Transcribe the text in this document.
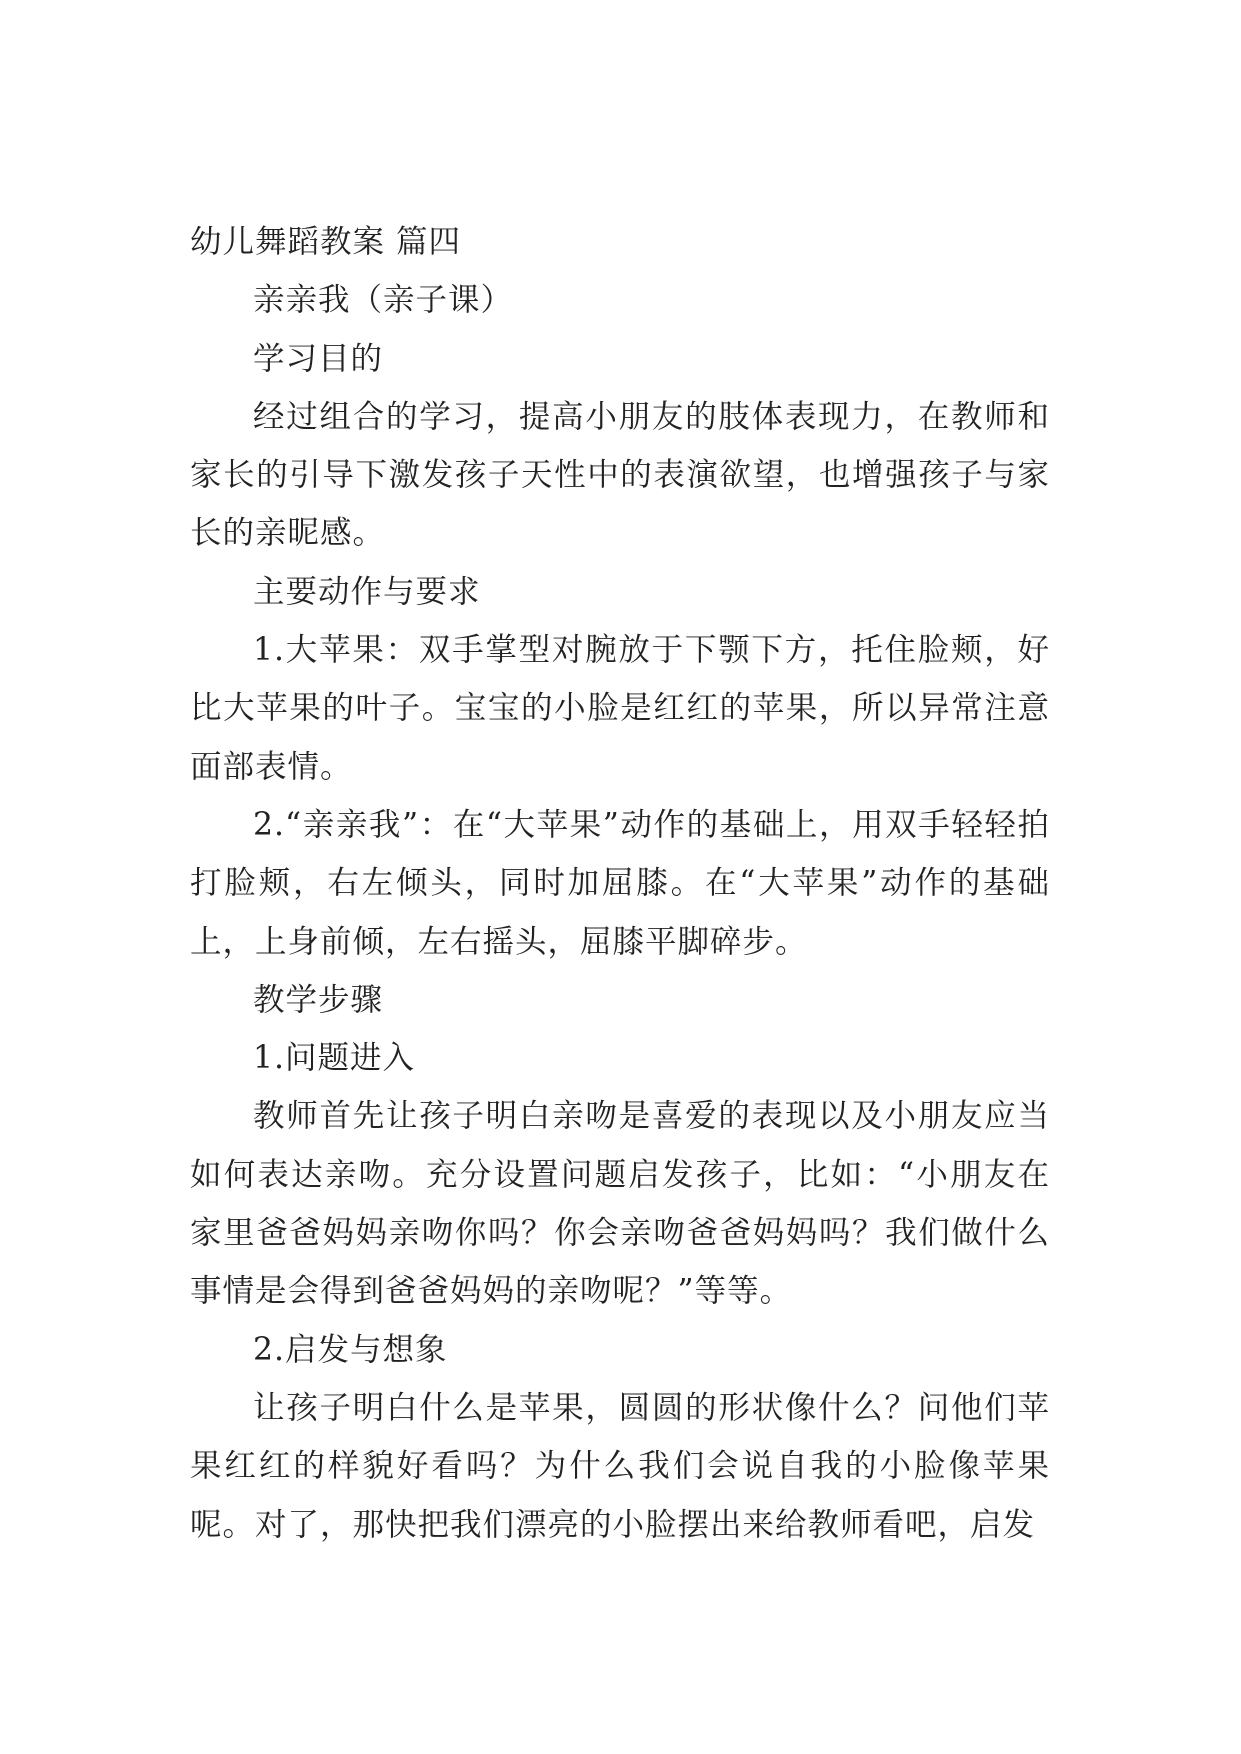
幼儿舞蹈教案 篇四

亲亲我（亲子课）

学习目的

经过组合的学习，提高小朋友的肢体表现力，在教师和家长的引导下激发孩子天性中的表演欲望，也增强孩子与家长的亲昵感。

主要动作与要求

1.大苹果：双手掌型对腕放于下颚下方，托住脸颊，好比大苹果的叶子。宝宝的小脸是红红的苹果，所以异常注意面部表情。

2.“亲亲我”：在“大苹果”动作的基础上，用双手轻轻拍打脸颊，右左倾头，同时加屈膝。在“大苹果”动作的基础上，上身前倾，左右摇头，屈膝平脚碎步。

教学步骤

1.问题进入

教师首先让孩子明白亲吻是喜爱的表现以及小朋友应当如何表达亲吻。充分设置问题启发孩子，比如：“小朋友在家里爸爸妈妈亲吻你吗？你会亲吻爸爸妈妈吗？我们做什么事情是会得到爸爸妈妈的亲吻呢？”等等。

2.启发与想象

让孩子明白什么是苹果，圆圆的形状像什么？问他们苹果红红的样貌好看吗？为什么我们会说自我的小脸像苹果呢。对了，那快把我们漂亮的小脸摆出来给教师看吧，启发
